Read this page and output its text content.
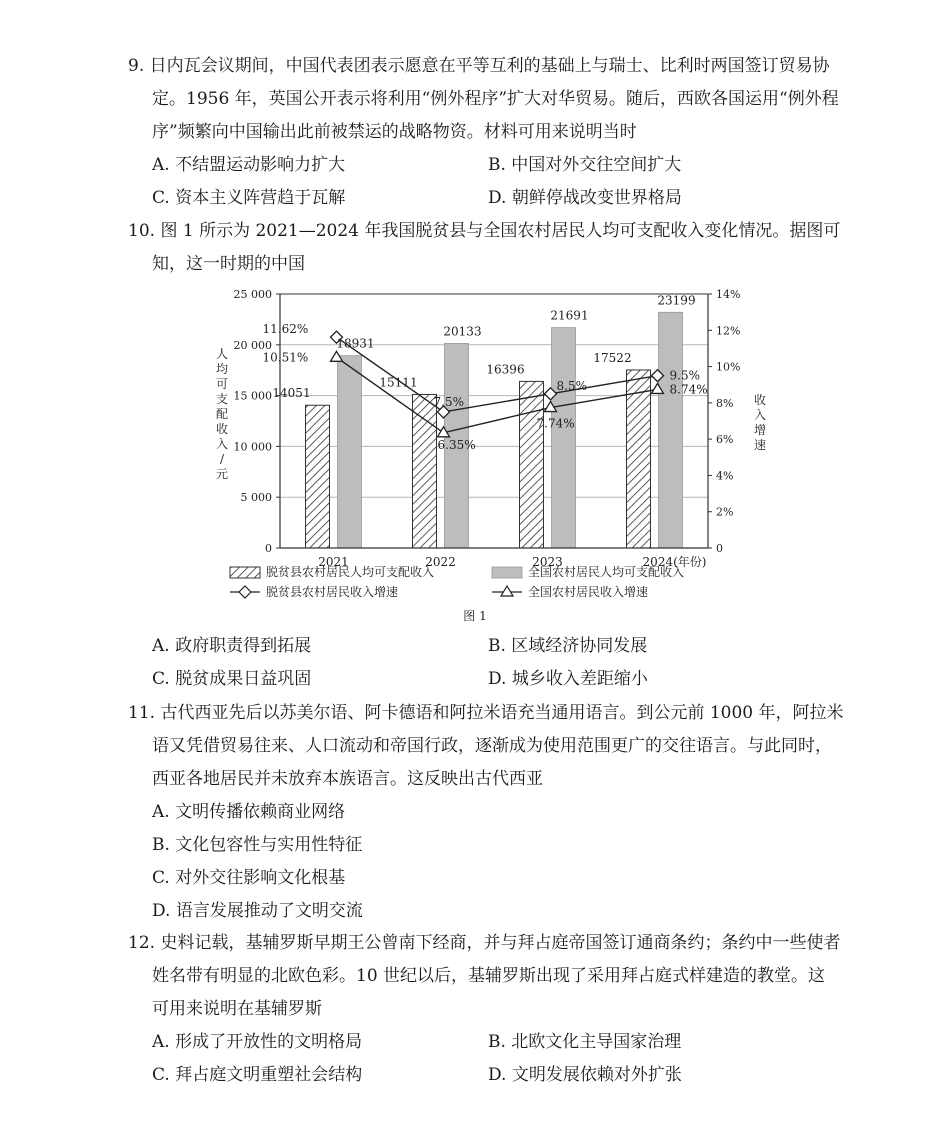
9. 日内瓦会议期间，中国代表团表示愿意在平等互利的基础上与瑞士、比利时两国签订贸易协
定。1956 年，英国公开表示将利用“例外程序”扩大对华贸易。随后，西欧各国运用“例外程
序”频繁向中国输出此前被禁运的战略物资。材料可用来说明当时
A. 不结盟运动影响力扩大	B. 中国对外交往空间扩大
C. 资本主义阵营趋于瓦解	D. 朝鲜停战改变世界格局
10. 图 1 所示为 2021—2024 年我国脱贫县与全国农村居民人均可支配收入变化情况。据图可
知，这一时期的中国
0
5 000
10 000
15 000
20 000
25 000
0
2%
4%
6%
8%
10%
12%
14%
2021	2022	2023	2024(年份)
人
均
可
支
配
收
入
/
元
收
入
增
速
14051
18931
15111
20133
16396
21691
17522
23199
11.62%
7.5%
8.5%
9.5%
10.51%
6.35%
7.74%
8.74%
脱贫县农村居民人均可支配收入	全国农村居民人均可支配收入
脱贫县农村居民收入增速	全国农村居民收入增速
图 1
A. 政府职责得到拓展	B. 区域经济协同发展
C. 脱贫成果日益巩固	D. 城乡收入差距缩小
11. 古代西亚先后以苏美尔语、阿卡德语和阿拉米语充当通用语言。到公元前 1000 年，阿拉米
语又凭借贸易往来、人口流动和帝国行政，逐渐成为使用范围更广的交往语言。与此同时，
西亚各地居民并未放弃本族语言。这反映出古代西亚
A. 文明传播依赖商业网络
B. 文化包容性与实用性特征
C. 对外交往影响文化根基
D. 语言发展推动了文明交流
12. 史料记载，基辅罗斯早期王公曾南下经商，并与拜占庭帝国签订通商条约；条约中一些使者
姓名带有明显的北欧色彩。10 世纪以后，基辅罗斯出现了采用拜占庭式样建造的教堂。这
可用来说明在基辅罗斯
A. 形成了开放性的文明格局	B. 北欧文化主导国家治理
C. 拜占庭文明重塑社会结构	D. 文明发展依赖对外扩张
